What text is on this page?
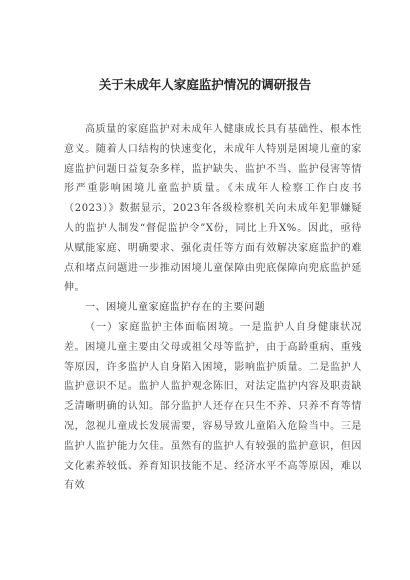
关于未成年人家庭监护情况的调研报告

高质量的家庭监护对未成年人健康成长具有基础性、根本性意义。随着人口结构的快速变化，未成年人特别是困境儿童的家庭监护问题日益复杂多样，监护缺失、监护不当、监护侵害等情形严重影响困境儿童监护质量。《未成年人检察工作白皮书（2023）》数据显示，2023年各级检察机关向未成年犯罪嫌疑人的监护人制发“督促监护令”X份，同比上升X%。因此，亟待从赋能家庭、明确要求、强化责任等方面有效解决家庭监护的难点和堵点问题进一步推动困境儿童保障由兜底保障向兜底监护延伸。

一、困境儿童家庭监护存在的主要问题

（一）家庭监护主体面临困境。一是监护人自身健康状况差。困境儿童主要由父母或祖父母等监护，由于高龄重病、重残等原因，许多监护人自身陷入困境，影响监护质量。二是监护人监护意识不足。监护人监护观念陈旧，对法定监护内容及职责缺乏清晰明确的认知。部分监护人还存在只生不养、只养不育等情况，忽视儿童成长发展需要，容易导致儿童陷入危险当中。三是监护人监护能力欠佳。虽然有的监护人有较强的监护意识，但因文化素养较低、养育知识技能不足、经济水平不高等原因，难以有效
